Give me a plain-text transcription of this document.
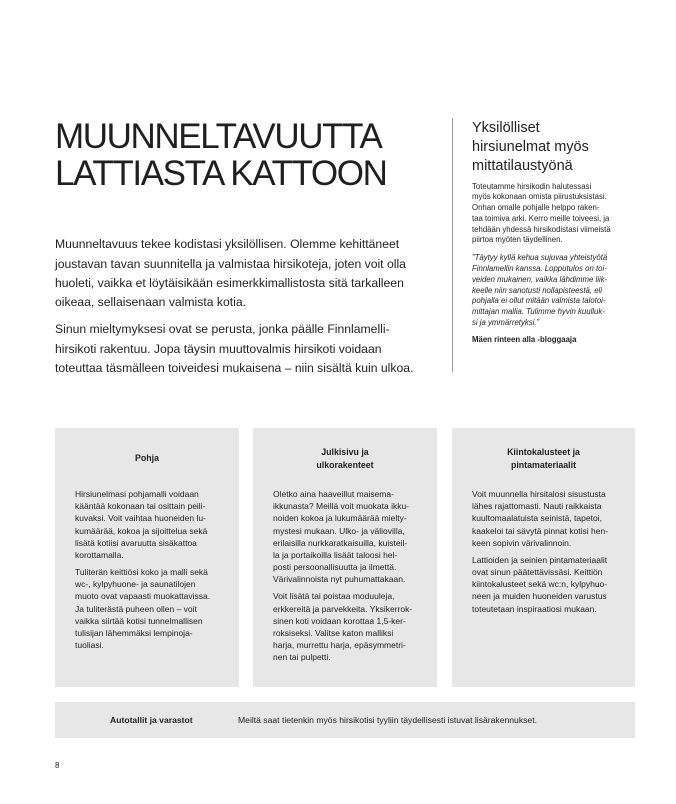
MUUNNELTAVUUTTA
LATTIASTA KATTOON

Muunneltavuus tekee kodistasi yksilöllisen. Olemme kehittäneet
joustavan tavan suunnitella ja valmistaa hirsikoteja, joten voit olla
huoleti, vaikka et löytäisikään esimerkkimallistosta sitä tarkalleen
oikeaa, sellaisenaan valmista kotia.

Sinun mieltymyksesi ovat se perusta, jonka päälle Finnlamelli-
hirsikoti rakentuu. Jopa täysin muuttovalmis hirsikoti voidaan
toteuttaa täsmälleen toiveidesi mukaisena – niin sisältä kuin ulkoa.

Yksilölliset
hirsiunelmat myös
mittatilaustyönä
Toteutamme hirsikodin halutessasi
myös kokonaan omista piirustuksistasi.
Onhan omalle pohjalle helppo raken-
taa toimiva arki. Kerro meille toiveesi, ja
tehdään yhdessä hirsikodistasi viimeistä
piirtoa myöten täydellinen.
”Täytyy kyllä kehua sujuvaa yhteistyötä
Finnlamellin kanssa. Lopputulos on toi-
veiden mukainen, vaikka lähdimme liik-
keelle niin sanotusti nollapisteestä, eli
pohjalla ei ollut mitään valmista talotoi-
mittajan mallia. Tulimme hyvin kuulluk-
si ja ymmärretyksi.”
Mäen rinteen alla -bloggaaja
Pohja

Hirsiunelmasi pohjamalli voidaan
kääntää kokonaan tai osittain peili-
kuvaksi. Voit vaihtaa huoneiden lu-
kumäärää, kokoa ja sijoittelua sekä
lisätä kotiisi avaruutta sisäkattoa
korottamalla.

Tuliterän keittiösi koko ja malli sekä
wc-, kylpyhuone- ja saunatilojen
muoto ovat vapaasti muokattavissa.
Ja tuliterästä puheen ollen – voit
vaikka siirtää kotisi tunnelmallisen
tulisijan lähemmäksi lempinoja-
tuoliasi.

Julkisivu ja
ulkorakenteet

Oletko aina haaveillut maisema-
ikkunasta? Meillä voit muokata ikku-
noiden kokoa ja lukumäärää mielty-
mystesi mukaan. Ulko- ja väliovilla,
erilaisilla nurkkaratkaisuilla, kuisteil-
la ja portaikoilla lisäät taloosi hel-
posti persoonallisuutta ja ilmettä.
Värivalinnoista nyt puhumattakaan.

Voit lisätä tai poistaa moduuleja,
erkkereitä ja parvekkeita. Yksikerrok-
sinen koti voidaan korottaa 1,5-ker-
roksiseksi. Valitse katon malliksi
harja, murrettu harja, epäsymmetri-
nen tai pulpetti.

Kiintokalusteet ja
pintamateriaalit

Voit muunnella hirsitalosi sisustusta
lähes rajattomasti. Nauti raikkaista
kuultomaalatuista seinistä, tapetoi,
kaakeloi tai sävytä pinnat kotisi hen-
keen sopivin värivalinnoin.

Lattioiden ja seinien pintamateriaalit
ovat sinun päätettävissäsi. Keittiön
kiintokalusteet sekä wc:n, kylpyhuo-
neen ja muiden huoneiden varustus
toteutetaan inspiraatiosi mukaan.

Autotallit ja varastot	Meiltä saat tietenkin myös hirsikotisi tyyliin täydellisesti istuvat lisärakennukset.
8
